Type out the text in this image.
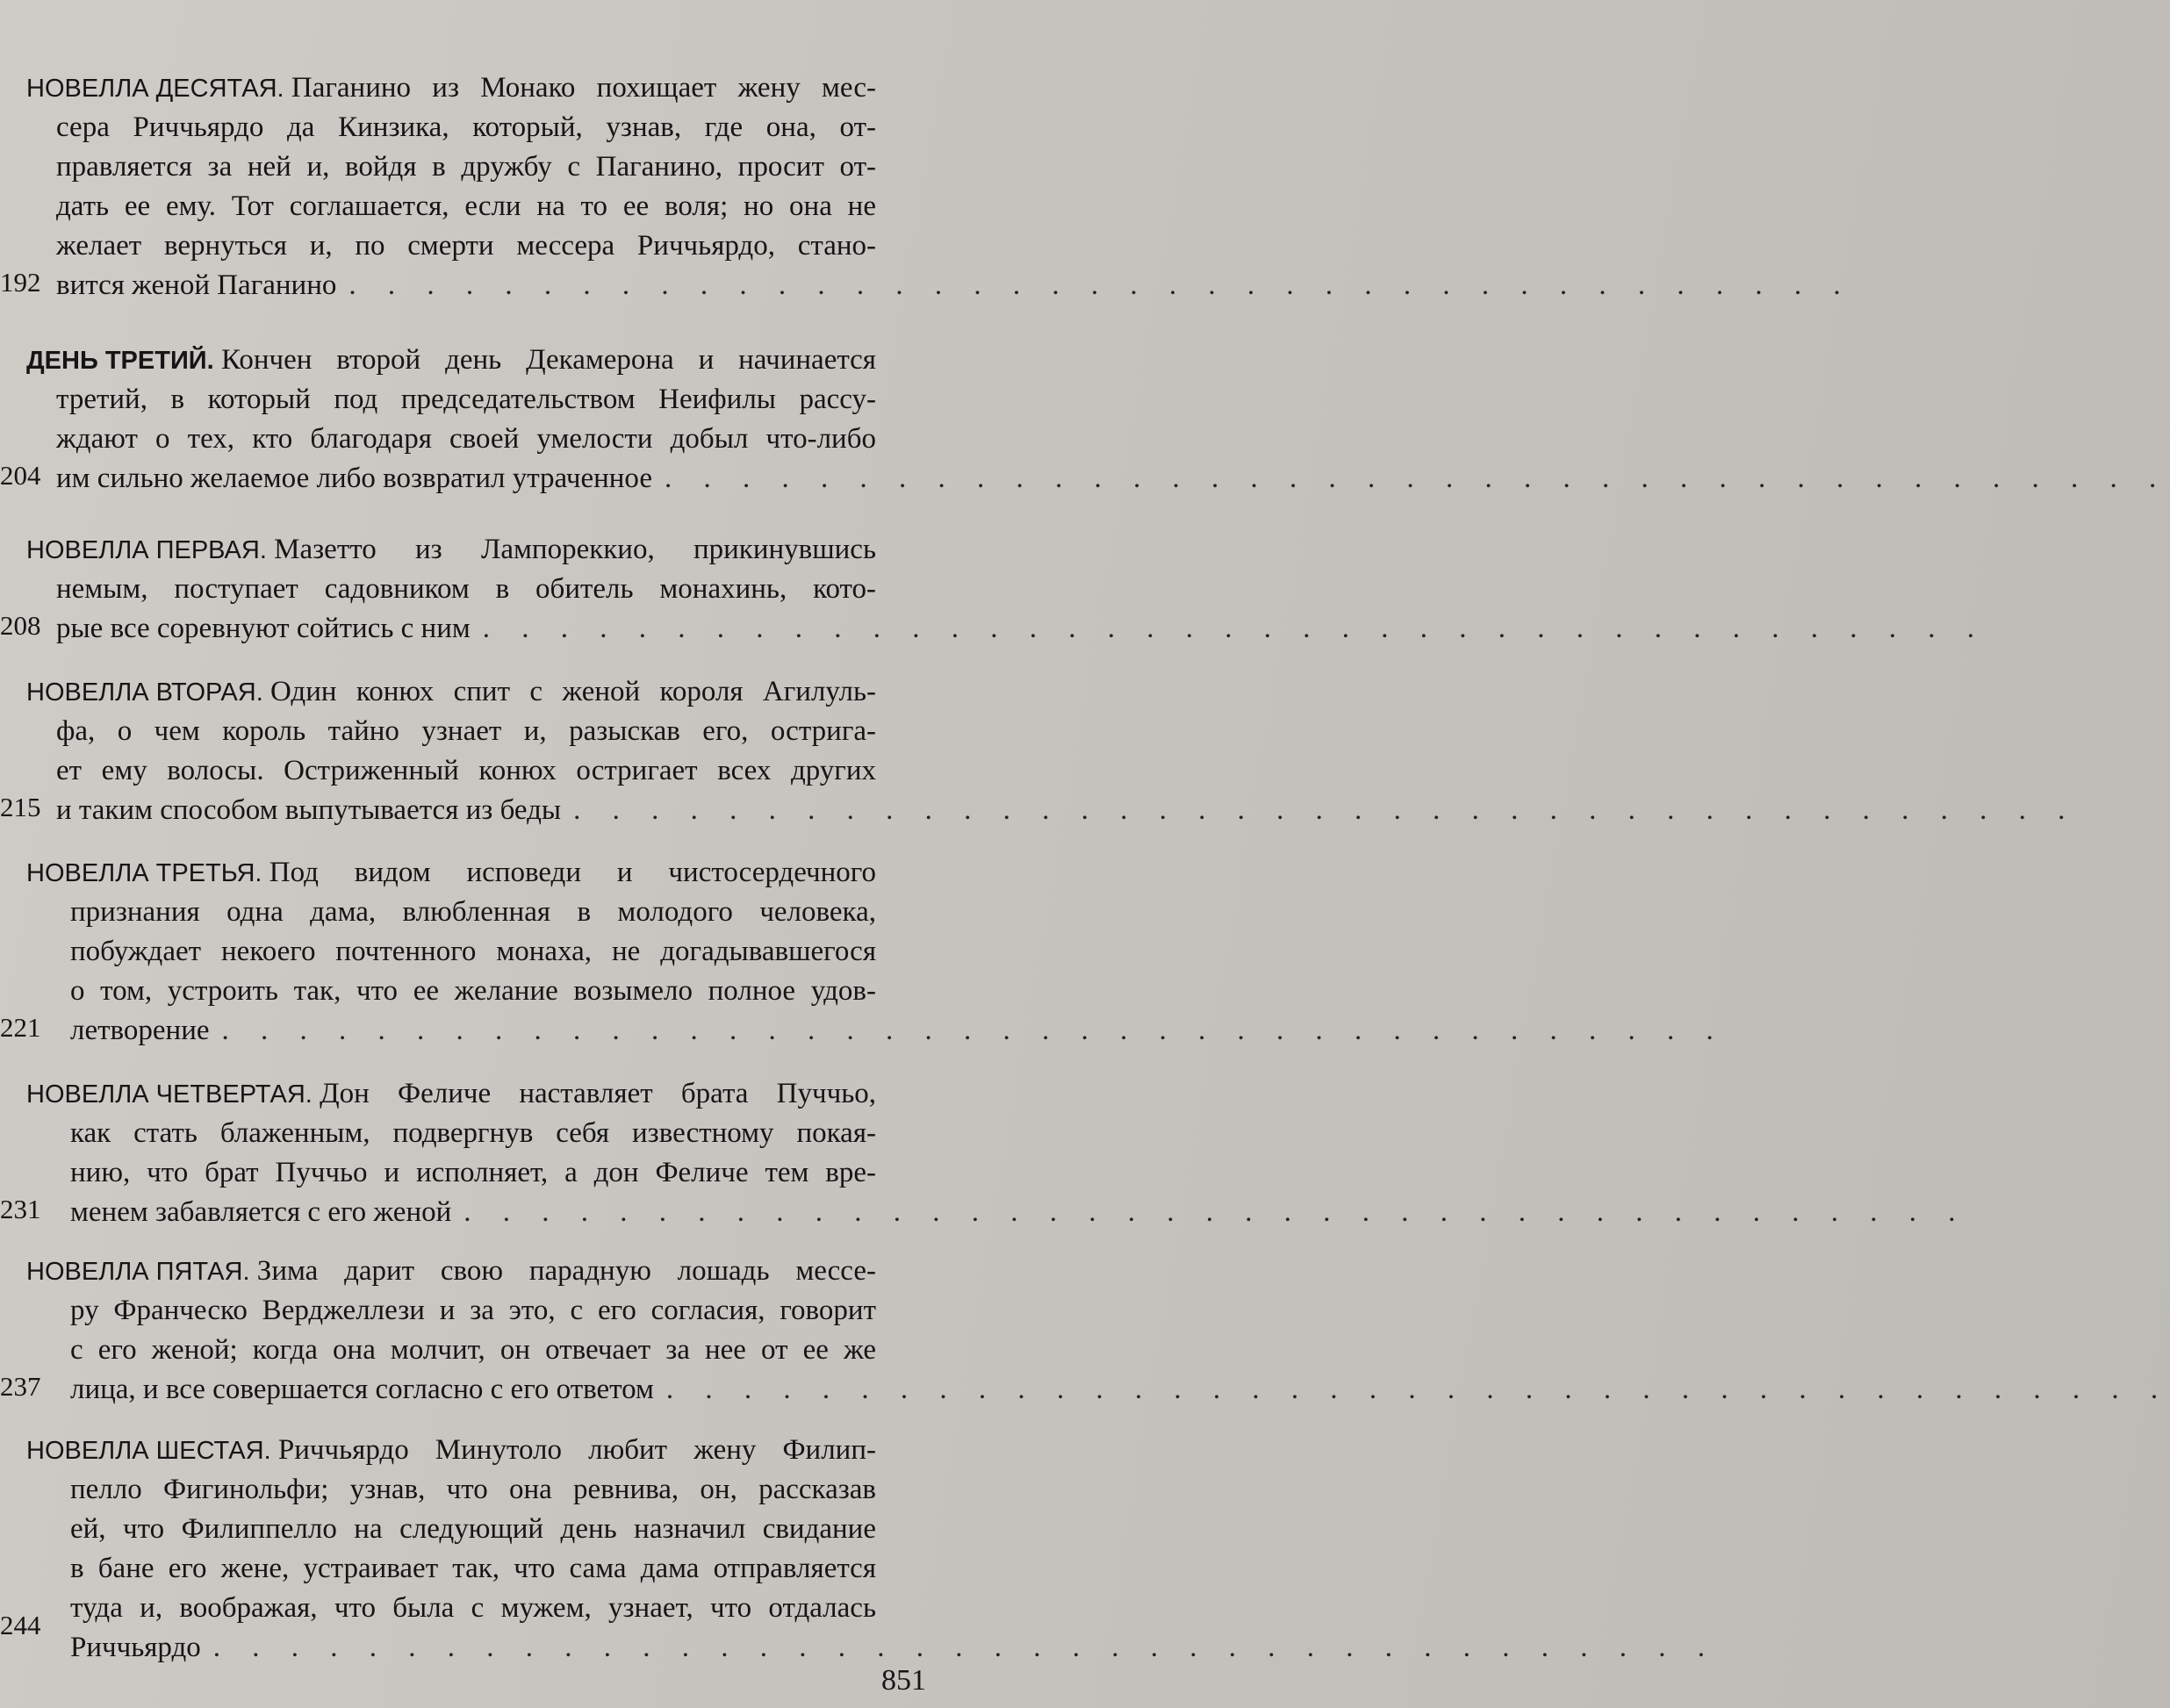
НОВЕЛЛА ДЕСЯТАЯ.
Паганино из Монако похищает жену мес-
сера Риччьярдо да Кинзика, который, узнав, где она, от-
правляется за ней и, войдя в дружбу с Паганино, просит от-
дать ее ему. Тот соглашается, если на то ее воля; но она не
желает вернуться и, по смерти мессера Риччьярдо, стано-
вится женой Паганино . . . . . . . . . . . . . . . . . . . . . . . . . . . . . . . . . . . . . . .
192
ДЕНЬ ТРЕТИЙ.
Кончен второй день Декамерона и начинается
третий, в который под председательством Неифилы рассу-
ждают о тех, кто благодаря своей умелости добыл что-либо
им сильно желаемое либо возвратил утраченное . . . . . . . . . . . . . . . . . . . . . . . . . . . . . . . . . . . . . . .
204
НОВЕЛЛА ПЕРВАЯ.
Мазетто из Лампореккио, прикинувшись
немым, поступает садовником в обитель монахинь, кото-
рые все соревнуют сойтись с ним . . . . . . . . . . . . . . . . . . . . . . . . . . . . . . . . . . . . . . .
208
НОВЕЛЛА ВТОРАЯ.
Один конюх спит с женой короля Агилуль-
фа, о чем король тайно узнает и, разыскав его, острига-
ет ему волосы. Остриженный конюх остригает всех других
и таким способом выпутывается из беды . . . . . . . . . . . . . . . . . . . . . . . . . . . . . . . . . . . . . . .
215
НОВЕЛЛА ТРЕТЬЯ.
Под видом исповеди и чистосердечного
признания одна дама, влюбленная в молодого человека,
побуждает некоего почтенного монаха, не догадывавшегося
о том, устроить так, что ее желание возымело полное удов-
летворение . . . . . . . . . . . . . . . . . . . . . . . . . . . . . . . . . . . . . . .
221
НОВЕЛЛА ЧЕТВЕРТАЯ.
Дон Феличе наставляет брата Пуччьо,
как стать блаженным, подвергнув себя известному покая-
нию, что брат Пуччьо и исполняет, а дон Феличе тем вре-
менем забавляется с его женой . . . . . . . . . . . . . . . . . . . . . . . . . . . . . . . . . . . . . . .
231
НОВЕЛЛА ПЯТАЯ.
Зима дарит свою парадную лошадь мессе-
ру Франческо Верджеллези и за это, с его согласия, говорит
с его женой; когда она молчит, он отвечает за нее от ее же
лица, и все совершается согласно с его ответом . . . . . . . . . . . . . . . . . . . . . . . . . . . . . . . . . . . . . . .
237
НОВЕЛЛА ШЕСТАЯ.
Риччьярдо Минутоло любит жену Филип-
пелло Фигинольфи; узнав, что она ревнива, он, рассказав
ей, что Филиппелло на следующий день назначил свидание
в бане его жене, устраивает так, что сама дама отправляется
туда и, воображая, что была с мужем, узнает, что отдалась
Риччьярдо . . . . . . . . . . . . . . . . . . . . . . . . . . . . . . . . . . . . . . .
244
851
